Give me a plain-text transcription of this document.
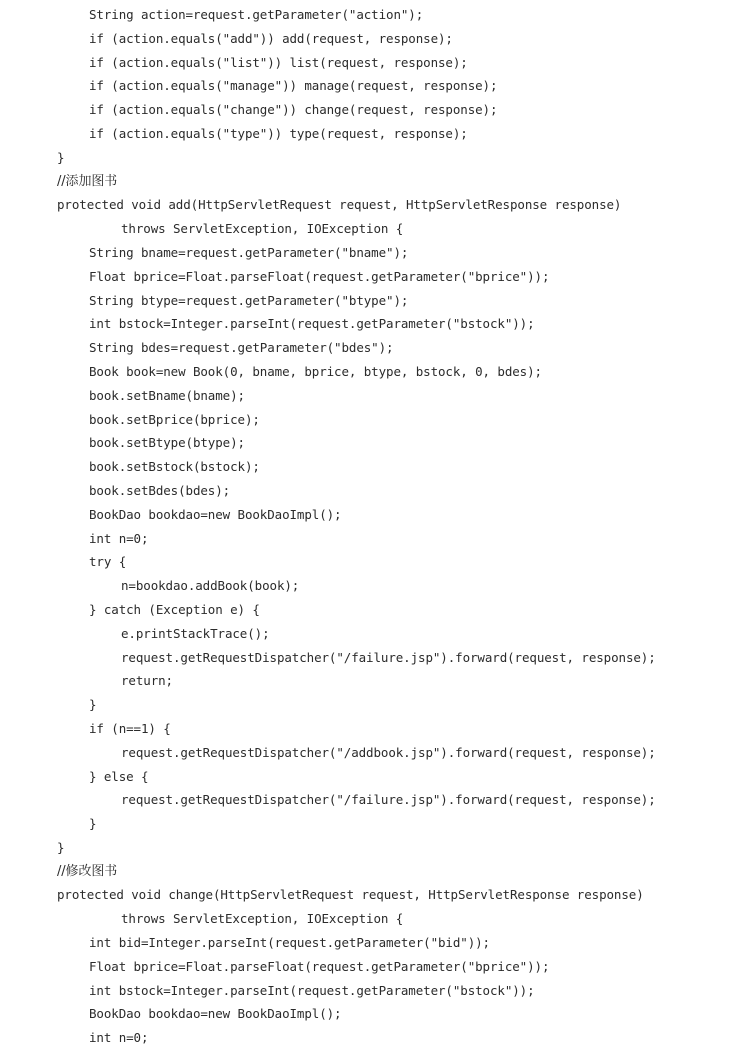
String action=request.getParameter("action");
if (action.equals("add")) add(request, response);
if (action.equals("list")) list(request, response);
if (action.equals("manage")) manage(request, response);
if (action.equals("change")) change(request, response);
if (action.equals("type")) type(request, response);
}
//添加图书
protected void add(HttpServletRequest request, HttpServletResponse response)
throws ServletException, IOException {
String bname=request.getParameter("bname");
Float bprice=Float.parseFloat(request.getParameter("bprice"));
String btype=request.getParameter("btype");
int bstock=Integer.parseInt(request.getParameter("bstock"));
String bdes=request.getParameter("bdes");
Book book=new Book(0, bname, bprice, btype, bstock, 0, bdes);
book.setBname(bname);
book.setBprice(bprice);
book.setBtype(btype);
book.setBstock(bstock);
book.setBdes(bdes);
BookDao bookdao=new BookDaoImpl();
int n=0;
try {
n=bookdao.addBook(book);
} catch (Exception e) {
e.printStackTrace();
request.getRequestDispatcher("/failure.jsp").forward(request, response);
return;
}
if (n==1) {
request.getRequestDispatcher("/addbook.jsp").forward(request, response);
} else {
request.getRequestDispatcher("/failure.jsp").forward(request, response);
}
}
//修改图书
protected void change(HttpServletRequest request, HttpServletResponse response)
throws ServletException, IOException {
int bid=Integer.parseInt(request.getParameter("bid"));
Float bprice=Float.parseFloat(request.getParameter("bprice"));
int bstock=Integer.parseInt(request.getParameter("bstock"));
BookDao bookdao=new BookDaoImpl();
int n=0;
